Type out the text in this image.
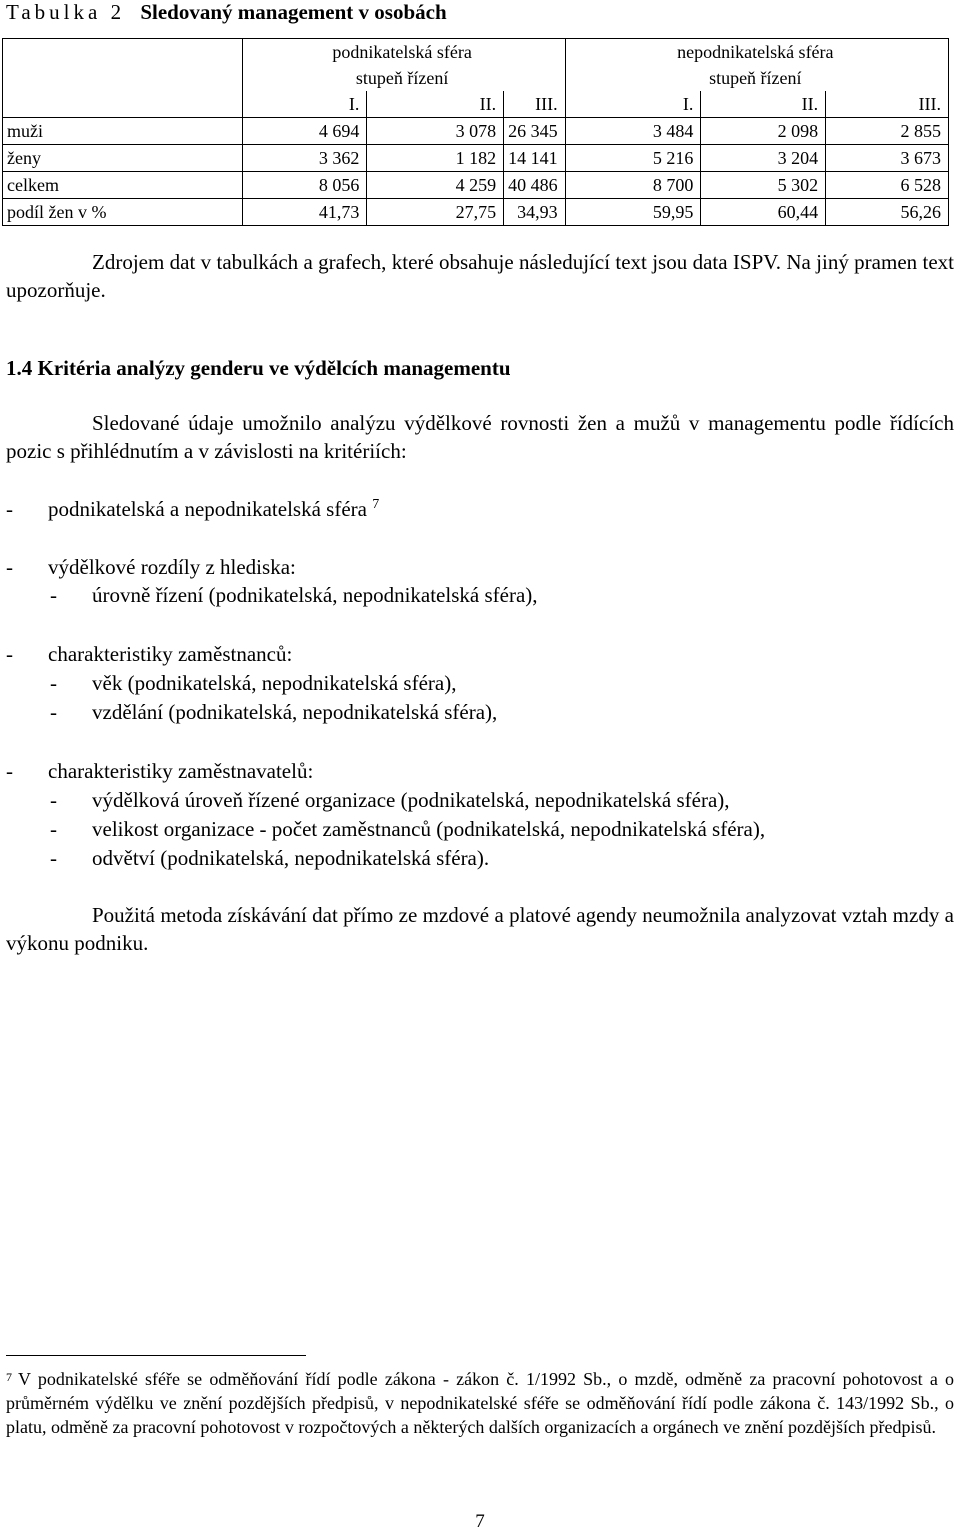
Tabulka 2 Sledovaný management v osobách
	podnikatelská sféra			nepodnikatelská sféra		
	stupeň řízení			stupeň řízení		
	I.	II.	III.	I.	II.	III.
muži	4 694	3 078	26 345	3 484	2 098	2 855
ženy	3 362	1 182	14 141	5 216	3 204	3 673
celkem	8 056	4 259	40 486	8 700	5 302	6 528
podíl žen v %	41,73	27,75	34,93	59,95	60,44	56,26
Zdrojem dat v tabulkách a grafech, které obsahuje následující text jsou data ISPV. Na jiný pramen text upozorňuje.
1.4 Kritéria analýzy genderu ve výdělcích managementu
Sledované údaje umožnilo analýzu výdělkové rovnosti žen a mužů v managementu podle řídících pozic s přihlédnutím a v závislosti na kritériích:
- podnikatelská a nepodnikatelská sféra $^7$
- výdělkové rozdíly z hlediska:
- úrovně řízení (podnikatelská, nepodnikatelská sféra),
- charakteristiky zaměstnanců:
- věk (podnikatelská, nepodnikatelská sféra),
- vzdělání (podnikatelská, nepodnikatelská sféra),
- charakteristiky zaměstnavatelů:
- výdělková úroveň řízené organizace (podnikatelská, nepodnikatelská sféra),
- velikost organizace - počet zaměstnanců (podnikatelská, nepodnikatelská sféra),
- odvětví (podnikatelská, nepodnikatelská sféra).
Použitá metoda získávání dat přímo ze mzdové a platové agendy neumožnila analyzovat vztah mzdy a výkonu podniku.
$^7$ V podnikatelské sféře se odměňování řídí podle zákona - zákon č. 1/1992 Sb., o mzdě, odměně za pracovní pohotovost a o průměrném výdělku ve znění pozdějších předpisů, v nepodnikatelské sféře se odměňování řídí podle zákona č. 143/1992 Sb., o platu, odměně za pracovní pohotovost v rozpočtových a některých dalších organizacích a orgánech ve znění pozdějších předpisů.
7
